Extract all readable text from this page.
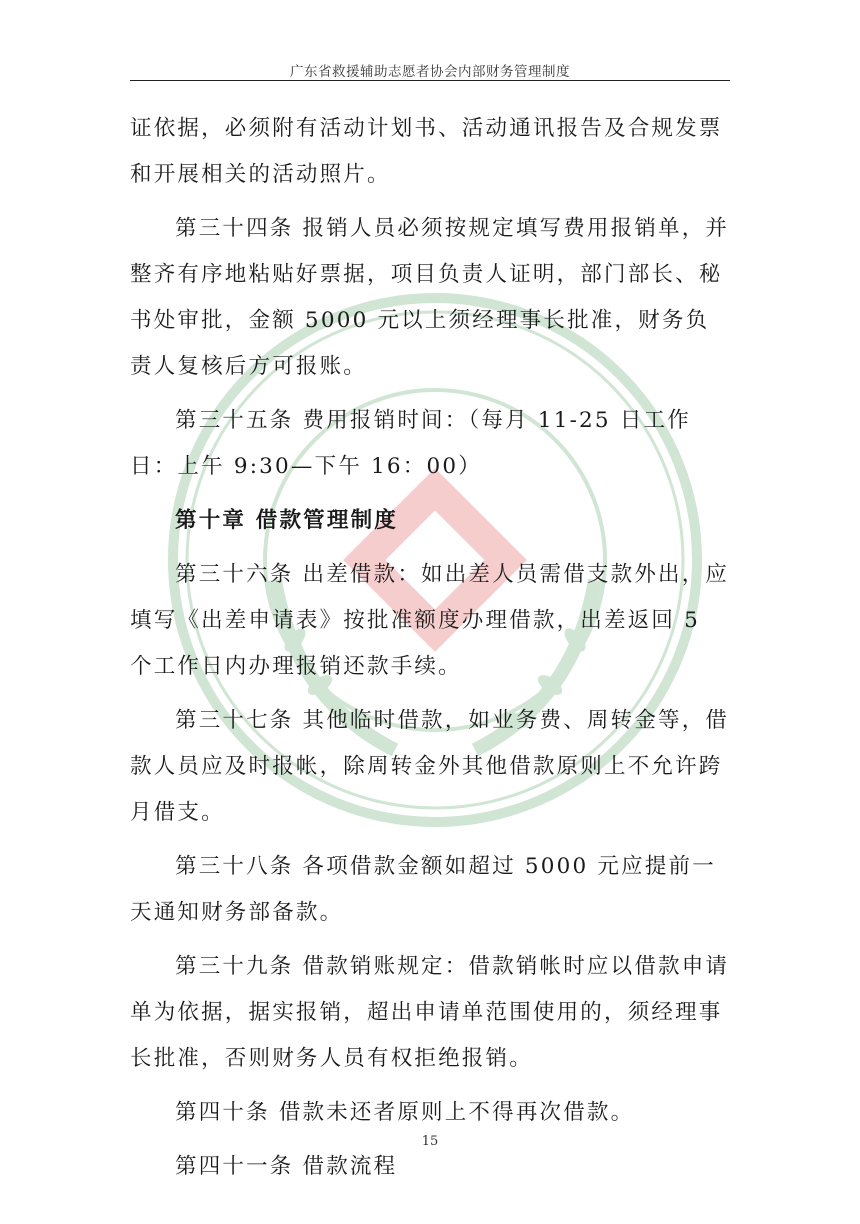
广东省救援辅助志愿者协会内部财务管理制度

证依据，必须附有活动计划书、活动通讯报告及合规发票和开展相关的活动照片。

第三十四条 报销人员必须按规定填写费用报销单，并整齐有序地粘贴好票据，项目负责人证明，部门部长、秘书处审批，金额 5000 元以上须经理事长批准，财务负责人复核后方可报账。

第三十五条 费用报销时间：（每月 11-25 日工作日：上午 9:30—下午 16：00）

第十章 借款管理制度

第三十六条 出差借款：如出差人员需借支款外出，应填写《出差申请表》按批准额度办理借款，出差返回 5 个工作日内办理报销还款手续。

第三十七条 其他临时借款，如业务费、周转金等，借款人员应及时报帐，除周转金外其他借款原则上不允许跨月借支。

第三十八条 各项借款金额如超过 5000 元应提前一天通知财务部备款。

第三十九条 借款销账规定：借款销帐时应以借款申请单为依据，据实报销，超出申请单范围使用的，须经理事长批准，否则财务人员有权拒绝报销。

第四十条 借款未还者原则上不得再次借款。

第四十一条 借款流程

15
